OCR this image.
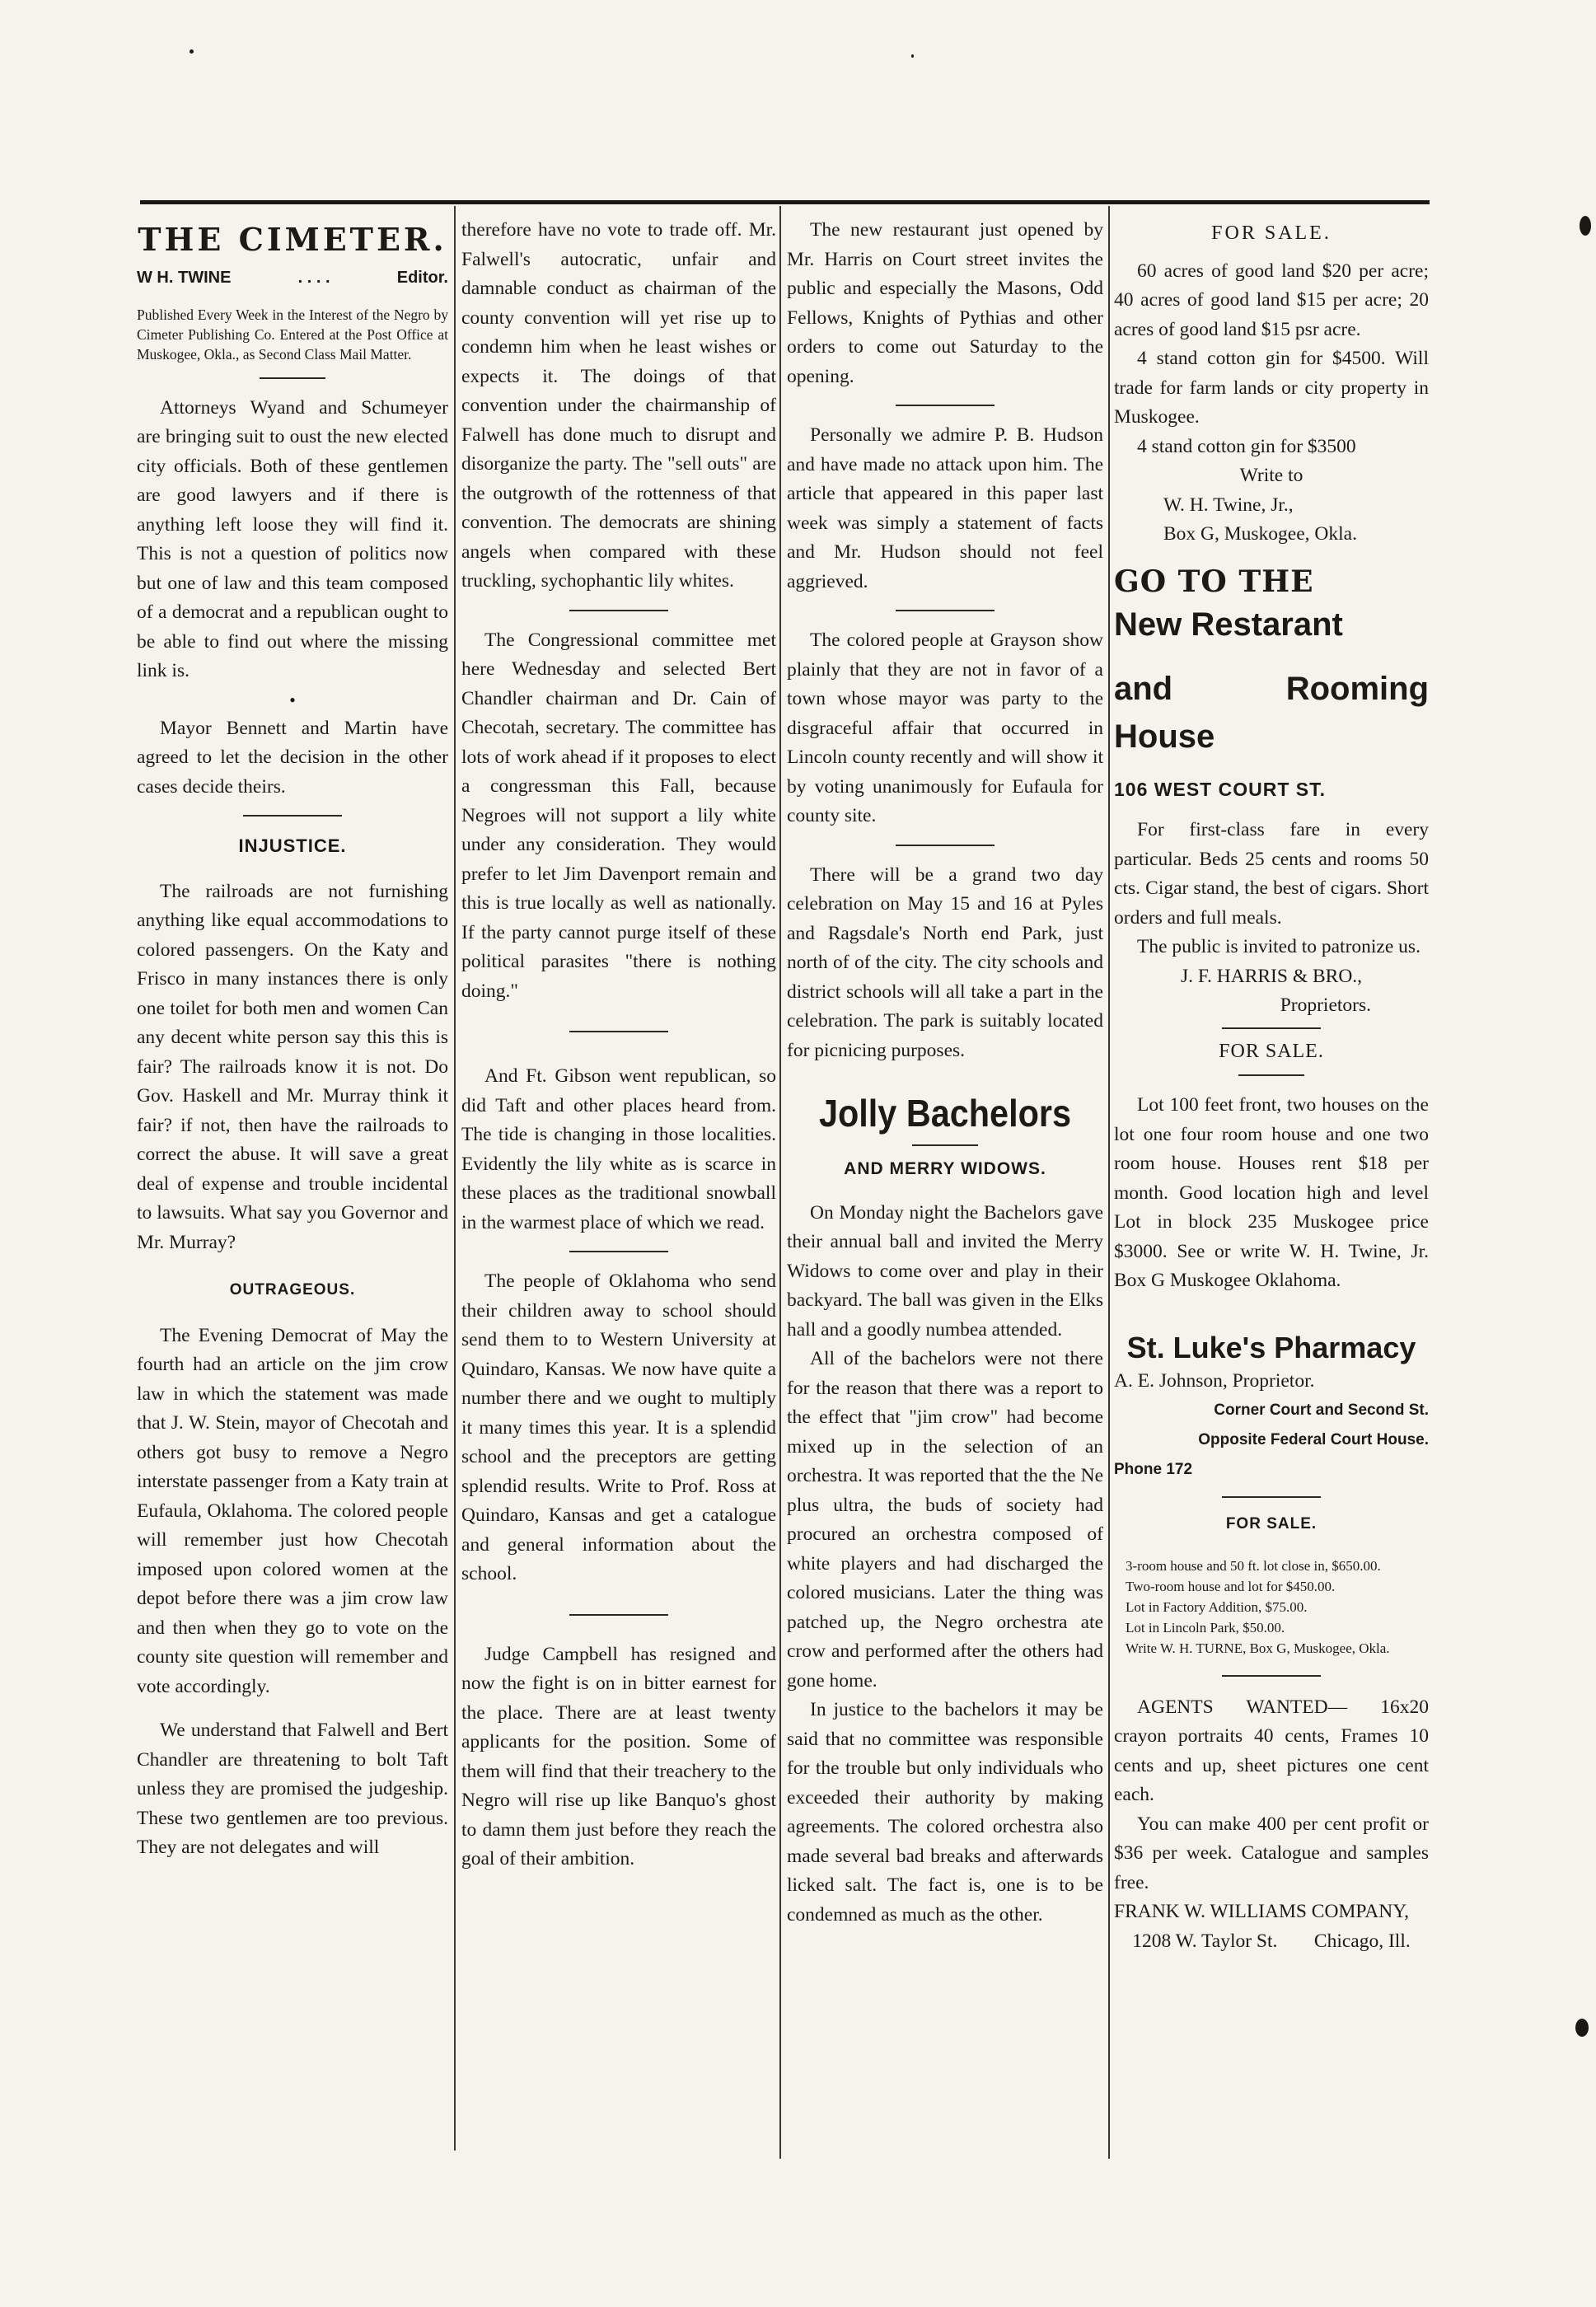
THE CIMETER.
W H. TWINE	. . . .	Editor.

Published Every Week in the Interest of the Negro by Cimeter Publishing Co. Entered at the Post Office at Muskogee, Okla., as Second Class Mail Matter.

Attorneys Wyand and Schumeyer are bringing suit to oust the new elected city officials. Both of these gentlemen are good lawyers and if there is anything left loose they will find it. This is not a question of politics now but one of law and this team composed of a democrat and a republican ought to be able to find out where the missing link is.

•

Mayor Bennett and Martin have agreed to let the decision in the other cases decide theirs.

INJUSTICE.

The railroads are not furnishing anything like equal accommodations to colored passengers. On the Katy and Frisco in many instances there is only one toilet for both men and women Can any decent white person say this this is fair? The railroads know it is not. Do Gov. Haskell and Mr. Murray think it fair? if not, then have the railroads to correct the abuse. It will save a great deal of expense and trouble incidental to lawsuits. What say you Governor and Mr. Murray?

OUTRAGEOUS.

The Evening Democrat of May the fourth had an article on the jim crow law in which the statement was made that J. W. Stein, mayor of Checotah and others got busy to remove a Negro interstate passenger from a Katy train at Eufaula, Oklahoma. The colored people will remember just how Checotah imposed upon colored women at the depot before there was a jim crow law and then when they go to vote on the county site question will remember and vote accordingly.

We understand that Falwell and Bert Chandler are threatening to bolt Taft unless they are promised the judgeship. These two gentlemen are too previous. They are not delegates and will

therefore have no vote to trade off. Mr. Falwell's autocratic, unfair and damnable conduct as chairman of the county convention will yet rise up to condemn him when he least wishes or expects it. The doings of that convention under the chairmanship of Falwell has done much to disrupt and disorganize the party. The "sell outs" are the outgrowth of the rottenness of that convention. The democrats are shining angels when compared with these truckling, sychophantic lily whites.

The Congressional committee met here Wednesday and selected Bert Chandler chairman and Dr. Cain of Checotah, secretary. The committee has lots of work ahead if it proposes to elect a congressman this Fall, because Negroes will not support a lily white under any consideration. They would prefer to let Jim Davenport remain and this is true locally as well as nationally. If the party cannot purge itself of these political parasites "there is nothing doing."

And Ft. Gibson went republican, so did Taft and other places heard from. The tide is changing in those localities. Evidently the lily white as is scarce in these places as the traditional snowball in the warmest place of which we read.

The people of Oklahoma who send their children away to school should send them to to Western University at Quindaro, Kansas. We now have quite a number there and we ought to multiply it many times this year. It is a splendid school and the preceptors are getting splendid results. Write to Prof. Ross at Quindaro, Kansas and get a catalogue and general information about the school.

Judge Campbell has resigned and now the fight is on in bitter earnest for the place. There are at least twenty applicants for the position. Some of them will find that their treachery to the Negro will rise up like Banquo's ghost to damn them just before they reach the goal of their ambition.

The new restaurant just opened by Mr. Harris on Court street invites the public and especially the Masons, Odd Fellows, Knights of Pythias and other orders to come out Saturday to the opening.

Personally we admire P. B. Hudson and have made no attack upon him. The article that appeared in this paper last week was simply a statement of facts and Mr. Hudson should not feel aggrieved.

The colored people at Grayson show plainly that they are not in favor of a town whose mayor was party to the disgraceful affair that occurred in Lincoln county recently and will show it by voting unanimously for Eufaula for county site.

There will be a grand two day celebration on May 15 and 16 at Pyles and Ragsdale's North end Park, just north of of the city. The city schools and district schools will all take a part in the celebration. The park is suitably located for picnicing purposes.

Jolly Bachelors
AND MERRY WIDOWS.

On Monday night the Bachelors gave their annual ball and invited the Merry Widows to come over and play in their backyard. The ball was given in the Elks hall and a goodly numbea attended.

All of the bachelors were not there for the reason that there was a report to the effect that "jim crow" had become mixed up in the selection of an orchestra. It was reported that the the Ne plus ultra, the buds of society had procured an orchestra composed of white players and had discharged the colored musicians. Later the thing was patched up, the Negro orchestra ate crow and performed after the others had gone home.

In justice to the bachelors it may be said that no committee was responsible for the trouble but only individuals who exceeded their authority by making agreements. The colored orchestra also made several bad breaks and afterwards licked salt. The fact is, one is to be condemned as much as the other.

FOR SALE.

60 acres of good land $20 per acre; 40 acres of good land $15 per acre; 20 acres of good land $15 psr acre.

4 stand cotton gin for $4500. Will trade for farm lands or city property in Muskogee.

4 stand cotton gin for $3500

Write to

W. H. Twine, Jr.,

Box G, Muskogee, Okla.

GO TO THE
New Restarant
and Rooming House
106 WEST COURT ST.

For first-class fare in every particular. Beds 25 cents and rooms 50 cts. Cigar stand, the best of cigars. Short orders and full meals.

The public is invited to patronize us.

J. F. HARRIS & BRO.,

Proprietors.

FOR SALE.

Lot 100 feet front, two houses on the lot one four room house and one two room house. Houses rent $18 per month. Good location high and level Lot in block 235 Muskogee price $3000. See or write W. H. Twine, Jr. Box G Muskogee Oklahoma.

St. Luke's Pharmacy

A. E. Johnson, Proprietor.

Corner Court and Second St.
Opposite Federal Court House.
Phone 172
FOR SALE.

3-room house and 50 ft. lot close in, $650.00.

Two-room house and lot for $450.00.

Lot in Factory Addition, $75.00.

Lot in Lincoln Park, $50.00.

Write W. H. TURNE, Box G, Muskogee, Okla.

AGENTS WANTED— 16x20 crayon portraits 40 cents, Frames 10 cents and up, sheet pictures one cent each.

You can make 400 per cent profit or $36 per week. Catalogue and samples free.

FRANK W. WILLIAMS COMPANY,
1208 W. Taylor St. Chicago, Ill.
